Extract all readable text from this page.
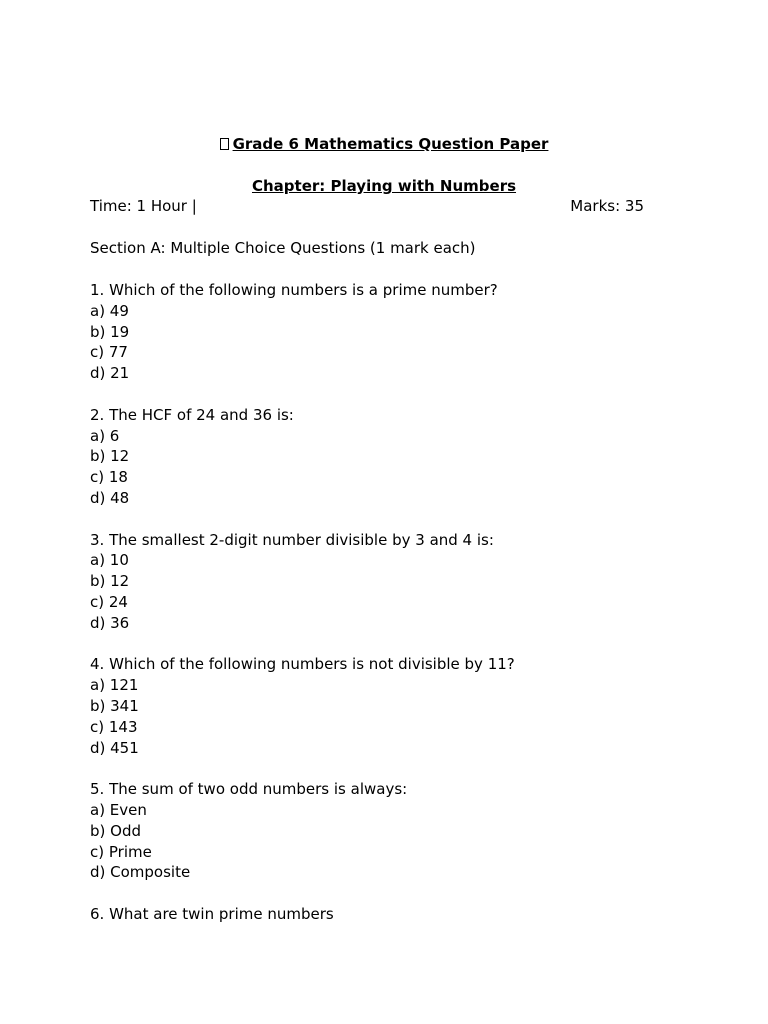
Grade 6 Mathematics Question Paper
Chapter: Playing with Numbers
Time: 1 Hour |	Marks: 35
Section A: Multiple Choice Questions (1 mark each)
1. Which of the following numbers is a prime number?
a) 49
b) 19
c) 77
d) 21
2. The HCF of 24 and 36 is:
a) 6
b) 12
c) 18
d) 48
3. The smallest 2-digit number divisible by 3 and 4 is:
a) 10
b) 12
c) 24
d) 36
4. Which of the following numbers is not divisible by 11?
a) 121
b) 341
c) 143
d) 451
5. The sum of two odd numbers is always:
a) Even
b) Odd
c) Prime
d) Composite
6. What are twin prime numbers
